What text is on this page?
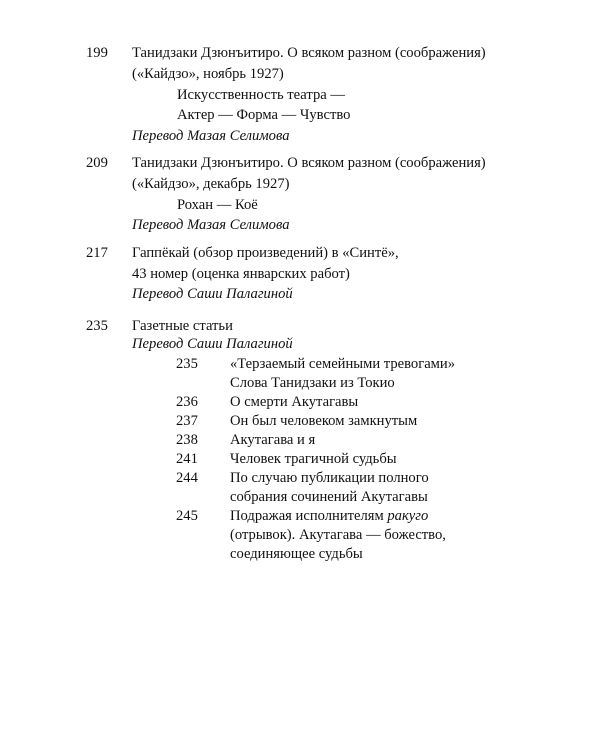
199 Танидзаки Дзюнъитиро. О всяком разном (соображения)
(«Кайдзо», ноябрь 1927)
Искусственность театра —
Актер — Форма — Чувство
Перевод Мазая Селимова
209 Танидзаки Дзюнъитиро. О всяком разном (соображения)
(«Кайдзо», декабрь 1927)
Рохан — Коё
Перевод Мазая Селимова
217 Гаппёкай (обзор произведений) в «Синтё»,
43 номер (оценка январских работ)
Перевод Саши Палагиной
235 Газетные статьи
Перевод Саши Палагиной
235 «Терзаемый семейными тревогами»
Слова Танидзаки из Токио
236 О смерти Акутагавы
237 Он был человеком замкнутым
238 Акутагава и я
241 Человек трагичной судьбы
244 По случаю публикации полного
собрания сочинений Акутагавы
245 Подражая исполнителям ракуго
(отрывок). Акутагава — божество,
соединяющее судьбы
